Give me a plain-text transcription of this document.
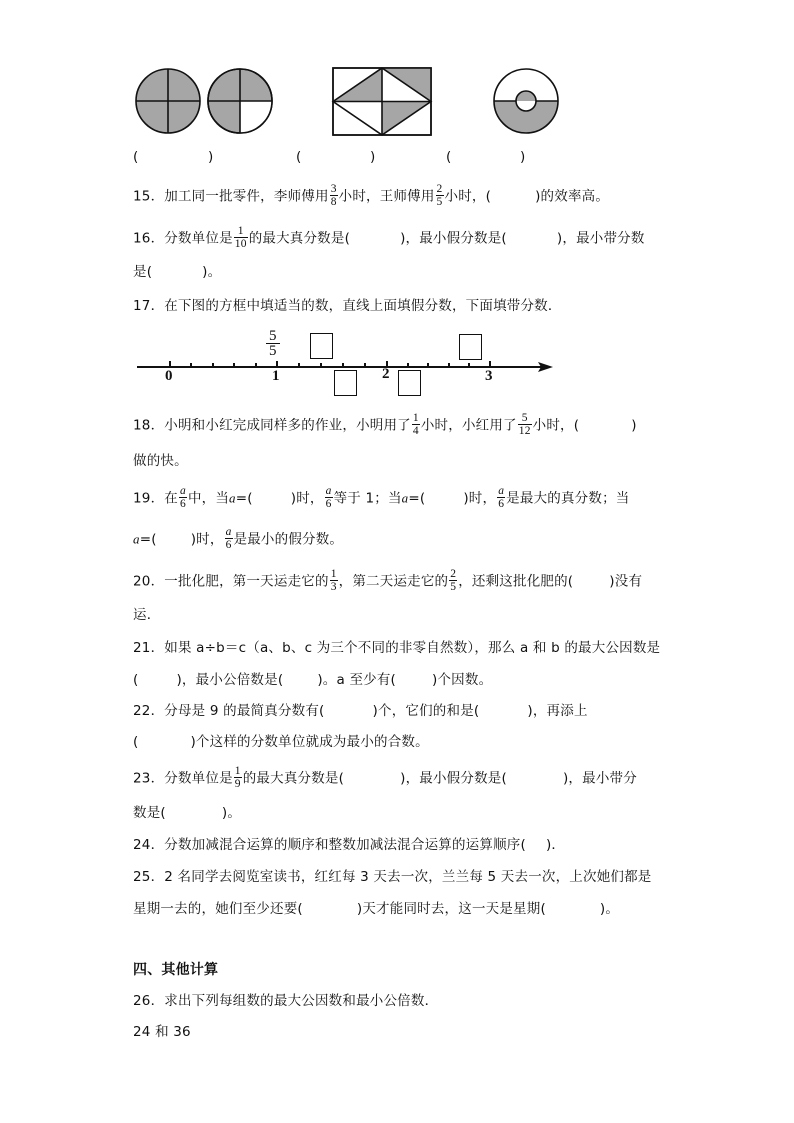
(	)	(	)	(	)
15．加工同一批零件，李师傅用 $\frac{3}{8}$ 小时，王师傅用 $\frac{2}{5}$ 小时，(	)的效率高。
16．分数单位是 $\frac{1}{10}$ 的最大真分数是(	)，最小假分数是(	)，最小带分数
是(	)。
17．在下图的方框中填适当的数，直线上面填假分数，下面填带分数．
0	1	2	3
$\frac{5}{5}$
18．小明和小红完成同样多的作业，小明用了 $\frac{1}{4}$ 小时，小红用了 $\frac{5}{12}$ 小时，(	)
做的快。
19．在 $\frac{a}{6}$ 中，当a=(	)时， $\frac{a}{6}$ 等于 1；当a=(	)时， $\frac{a}{6}$ 是最大的真分数；当
a=(	)时， $\frac{a}{6}$ 是最小的假分数。
20．一批化肥，第一天运走它的 $\frac{1}{3}$ ，第二天运走它的 $\frac{2}{5}$ ，还剩这批化肥的(	)没有
运．
21．如果 a÷b＝c（a、b、c 为三个不同的非零自然数），那么 a 和 b 的最大公因数是
(	)，最小公倍数是(	)。a 至少有(	)个因数。
22．分母是 9 的最简真分数有(	)个，它们的和是(	)，再添上
(	)个这样的分数单位就成为最小的合数。
23．分数单位是 $\frac{1}{9}$ 的最大真分数是(	)，最小假分数是(	)，最小带分
数是(	)。
24．分数加减混合运算的顺序和整数加减法混合运算的运算顺序( )．
25．2 名同学去阅览室读书，红红每 3 天去一次，兰兰每 5 天去一次，上次她们都是
星期一去的，她们至少还要(	)天才能同时去，这一天是星期(	)。
四、其他计算
26．求出下列每组数的最大公因数和最小公倍数．
24 和 36
